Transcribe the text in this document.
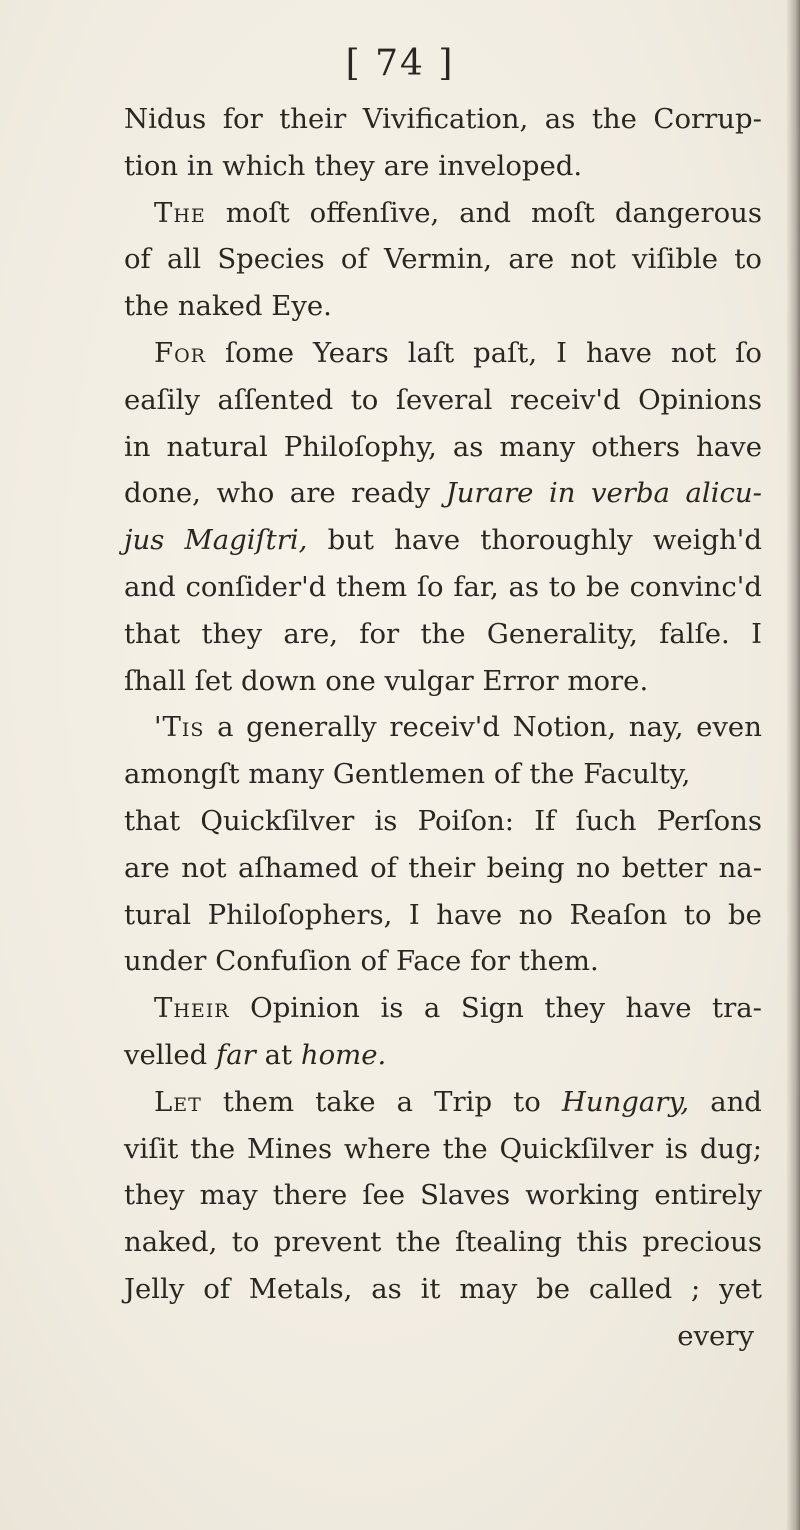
[ 74 ]
Nidus for their Vivification, as the Corrup-
tion in which they are inveloped.
The moſt offenſive, and moſt dangerous
of all Species of Vermin, are not viſible to
the naked Eye.
For ſome Years laſt paſt, I have not ſo
eaſily aſſented to ſeveral receiv'd Opinions
in natural Philoſophy, as many others have
done, who are ready Jurare in verba alicu-
jus Magiſtri, but have thoroughly weigh'd
and conſider'd them ſo far, as to be convinc'd
that they are, for the Generality, falſe. I
ſhall ſet down one vulgar Error more.
'Tis a generally receiv'd Notion, nay, even
amongſt many Gentlemen of the Faculty,
that Quickſilver is Poiſon: If ſuch Perſons
are not aſhamed of their being no better na-
tural Philoſophers, I have no Reaſon to be
under Confuſion of Face for them.
Their Opinion is a Sign they have tra-
velled far at home.
Let them take a Trip to Hungary, and
viſit the Mines where the Quickſilver is dug;
they may there ſee Slaves working entirely
naked, to prevent the ſtealing this precious
Jelly of Metals, as it may be called ; yet
every
